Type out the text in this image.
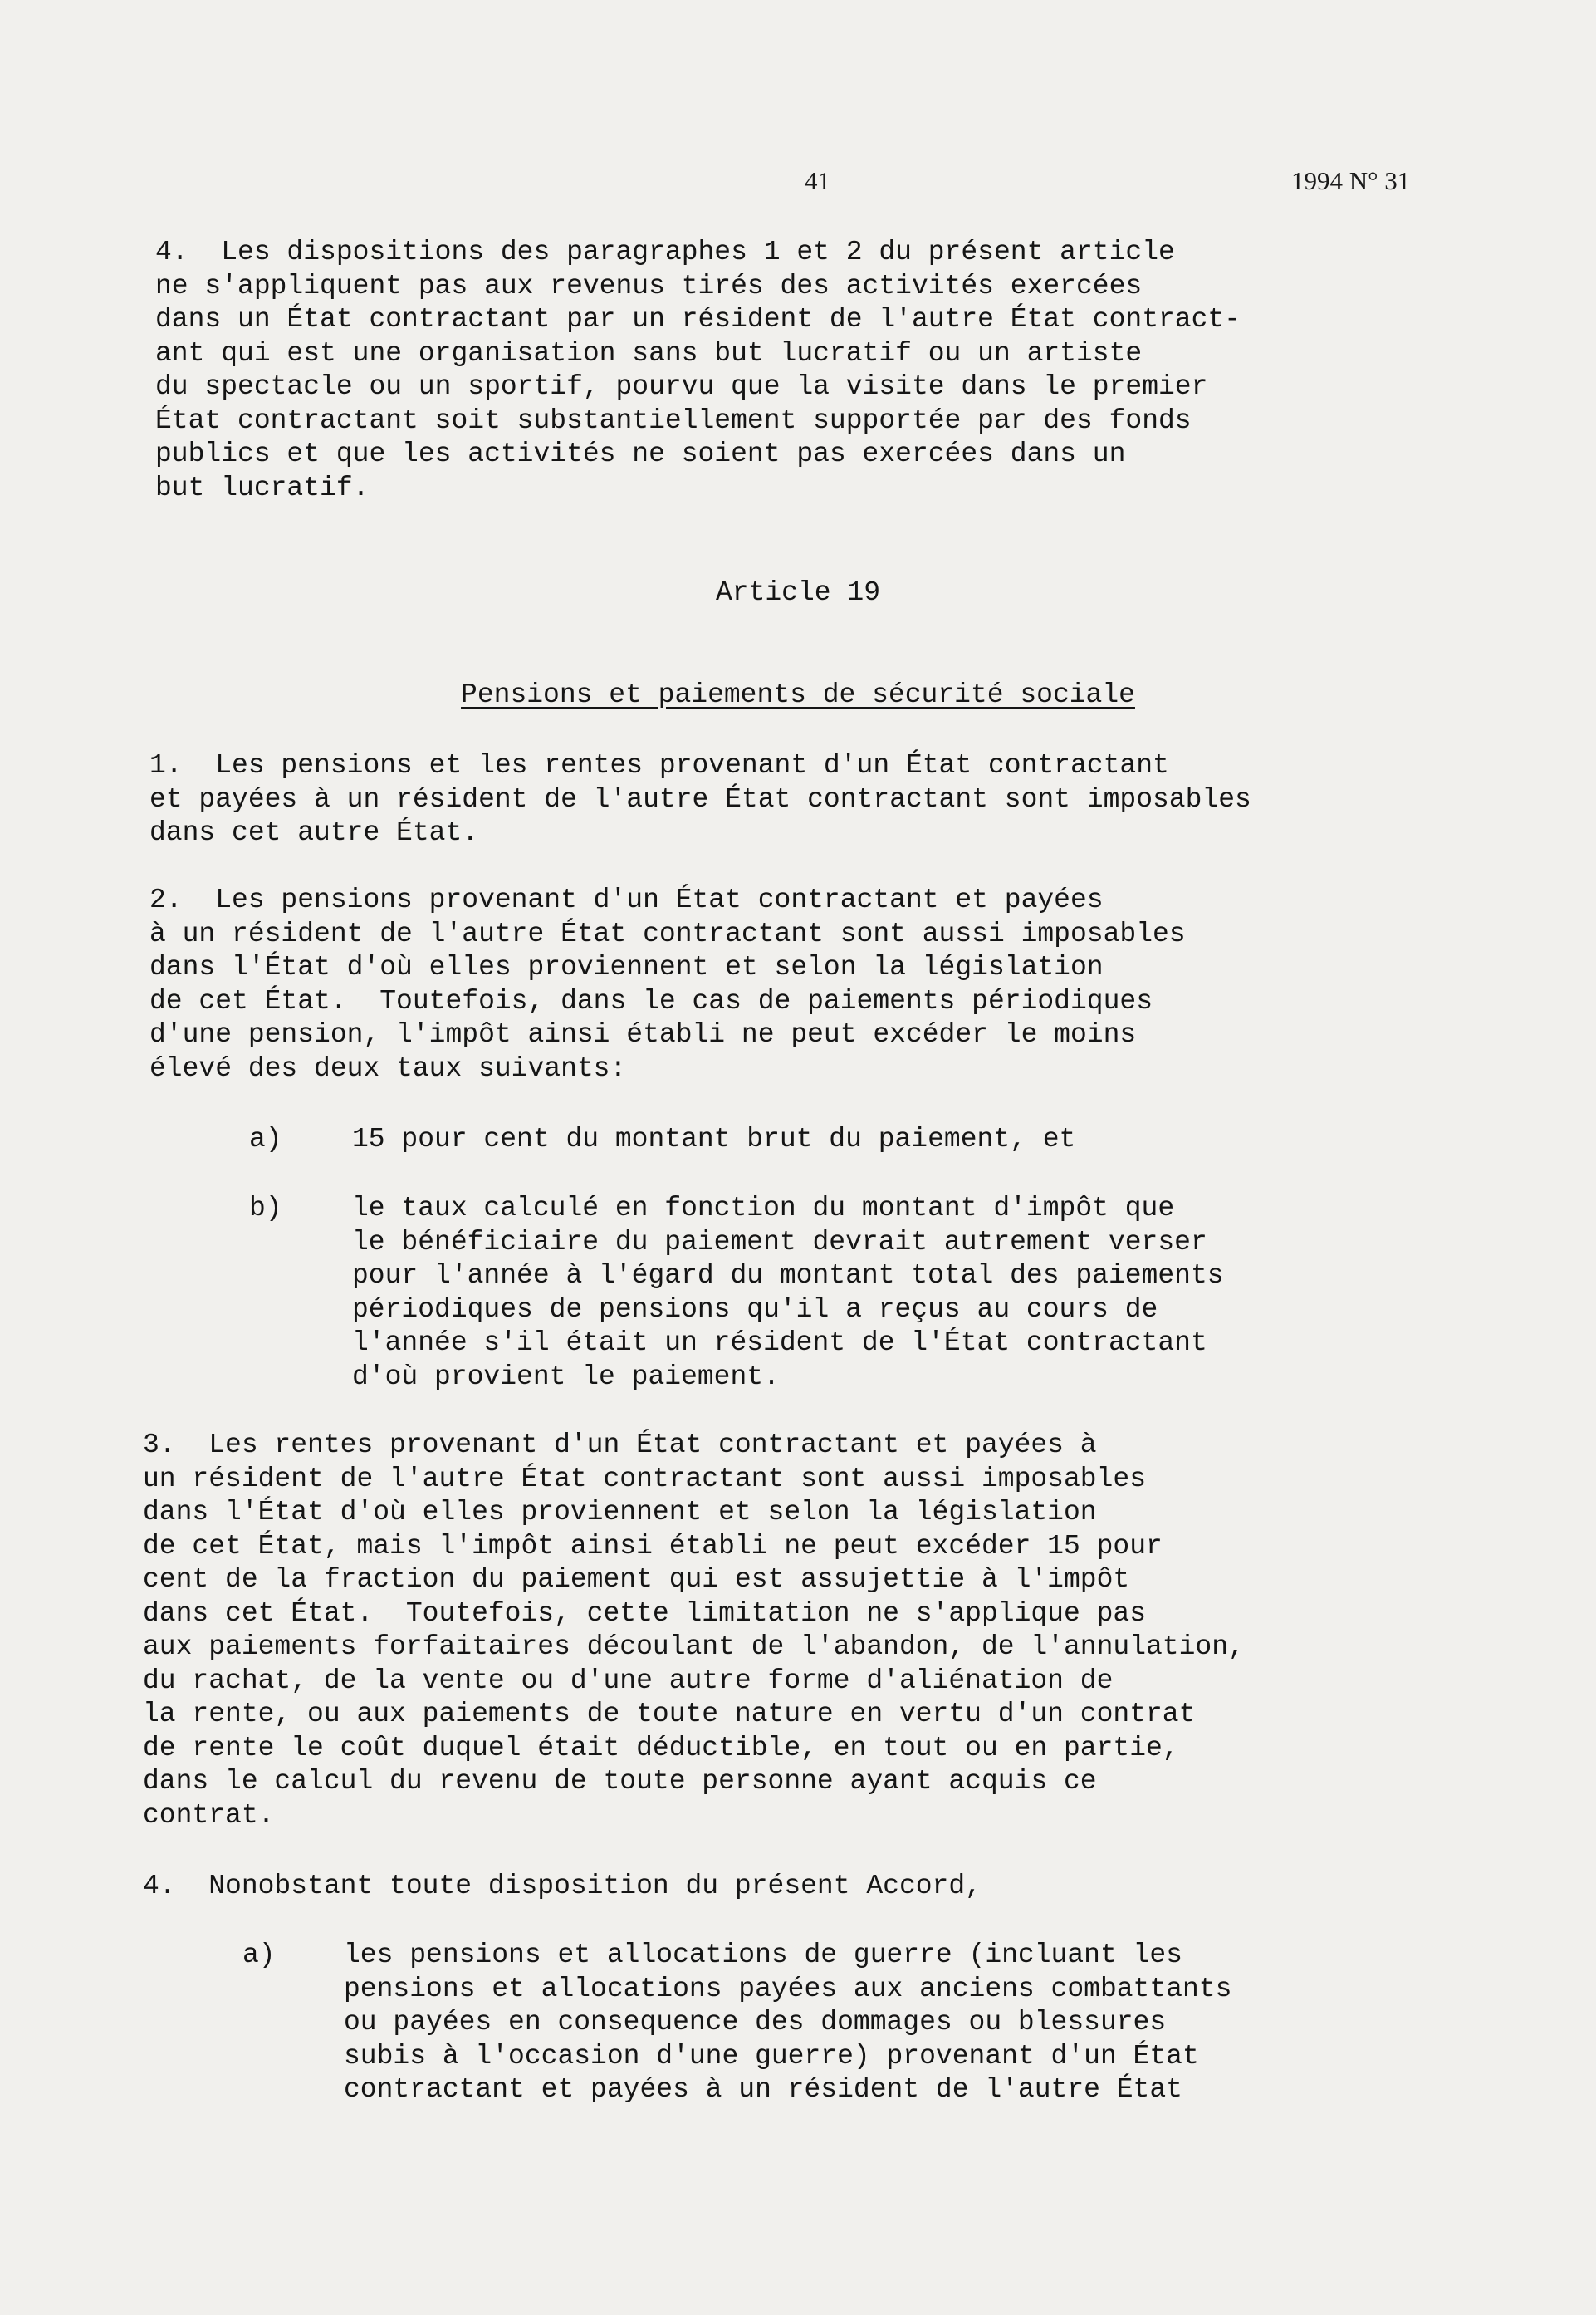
41	1994 N° 31
4.  Les dispositions des paragraphes 1 et 2 du présent article
ne s'appliquent pas aux revenus tirés des activités exercées
dans un État contractant par un résident de l'autre État contract-
ant qui est une organisation sans but lucratif ou un artiste
du spectacle ou un sportif, pourvu que la visite dans le premier
État contractant soit substantiellement supportée par des fonds
publics et que les activités ne soient pas exercées dans un
but lucratif.
Article 19
Pensions et paiements de sécurité sociale
1.  Les pensions et les rentes provenant d'un État contractant
et payées à un résident de l'autre État contractant sont imposables
dans cet autre État.
2.  Les pensions provenant d'un État contractant et payées
à un résident de l'autre État contractant sont aussi imposables
dans l'État d'où elles proviennent et selon la législation
de cet État.  Toutefois, dans le cas de paiements périodiques
d'une pension, l'impôt ainsi établi ne peut excéder le moins
élevé des deux taux suivants:
a)	15 pour cent du montant brut du paiement, et
b)	le taux calculé en fonction du montant d'impôt que
le bénéficiaire du paiement devrait autrement verser
pour l'année à l'égard du montant total des paiements
périodiques de pensions qu'il a reçus au cours de
l'année s'il était un résident de l'État contractant
d'où provient le paiement.
3.  Les rentes provenant d'un État contractant et payées à
un résident de l'autre État contractant sont aussi imposables
dans l'État d'où elles proviennent et selon la législation
de cet État, mais l'impôt ainsi établi ne peut excéder 15 pour
cent de la fraction du paiement qui est assujettie à l'impôt
dans cet État.  Toutefois, cette limitation ne s'applique pas
aux paiements forfaitaires découlant de l'abandon, de l'annulation,
du rachat, de la vente ou d'une autre forme d'aliénation de
la rente, ou aux paiements de toute nature en vertu d'un contrat
de rente le coût duquel était déductible, en tout ou en partie,
dans le calcul du revenu de toute personne ayant acquis ce
contrat.
4.  Nonobstant toute disposition du présent Accord,
a) les pensions et allocations de guerre (incluant les
pensions et allocations payées aux anciens combattants
ou payées en consequence des dommages ou blessures
subis à l'occasion d'une guerre) provenant d'un État
contractant et payées à un résident de l'autre État
